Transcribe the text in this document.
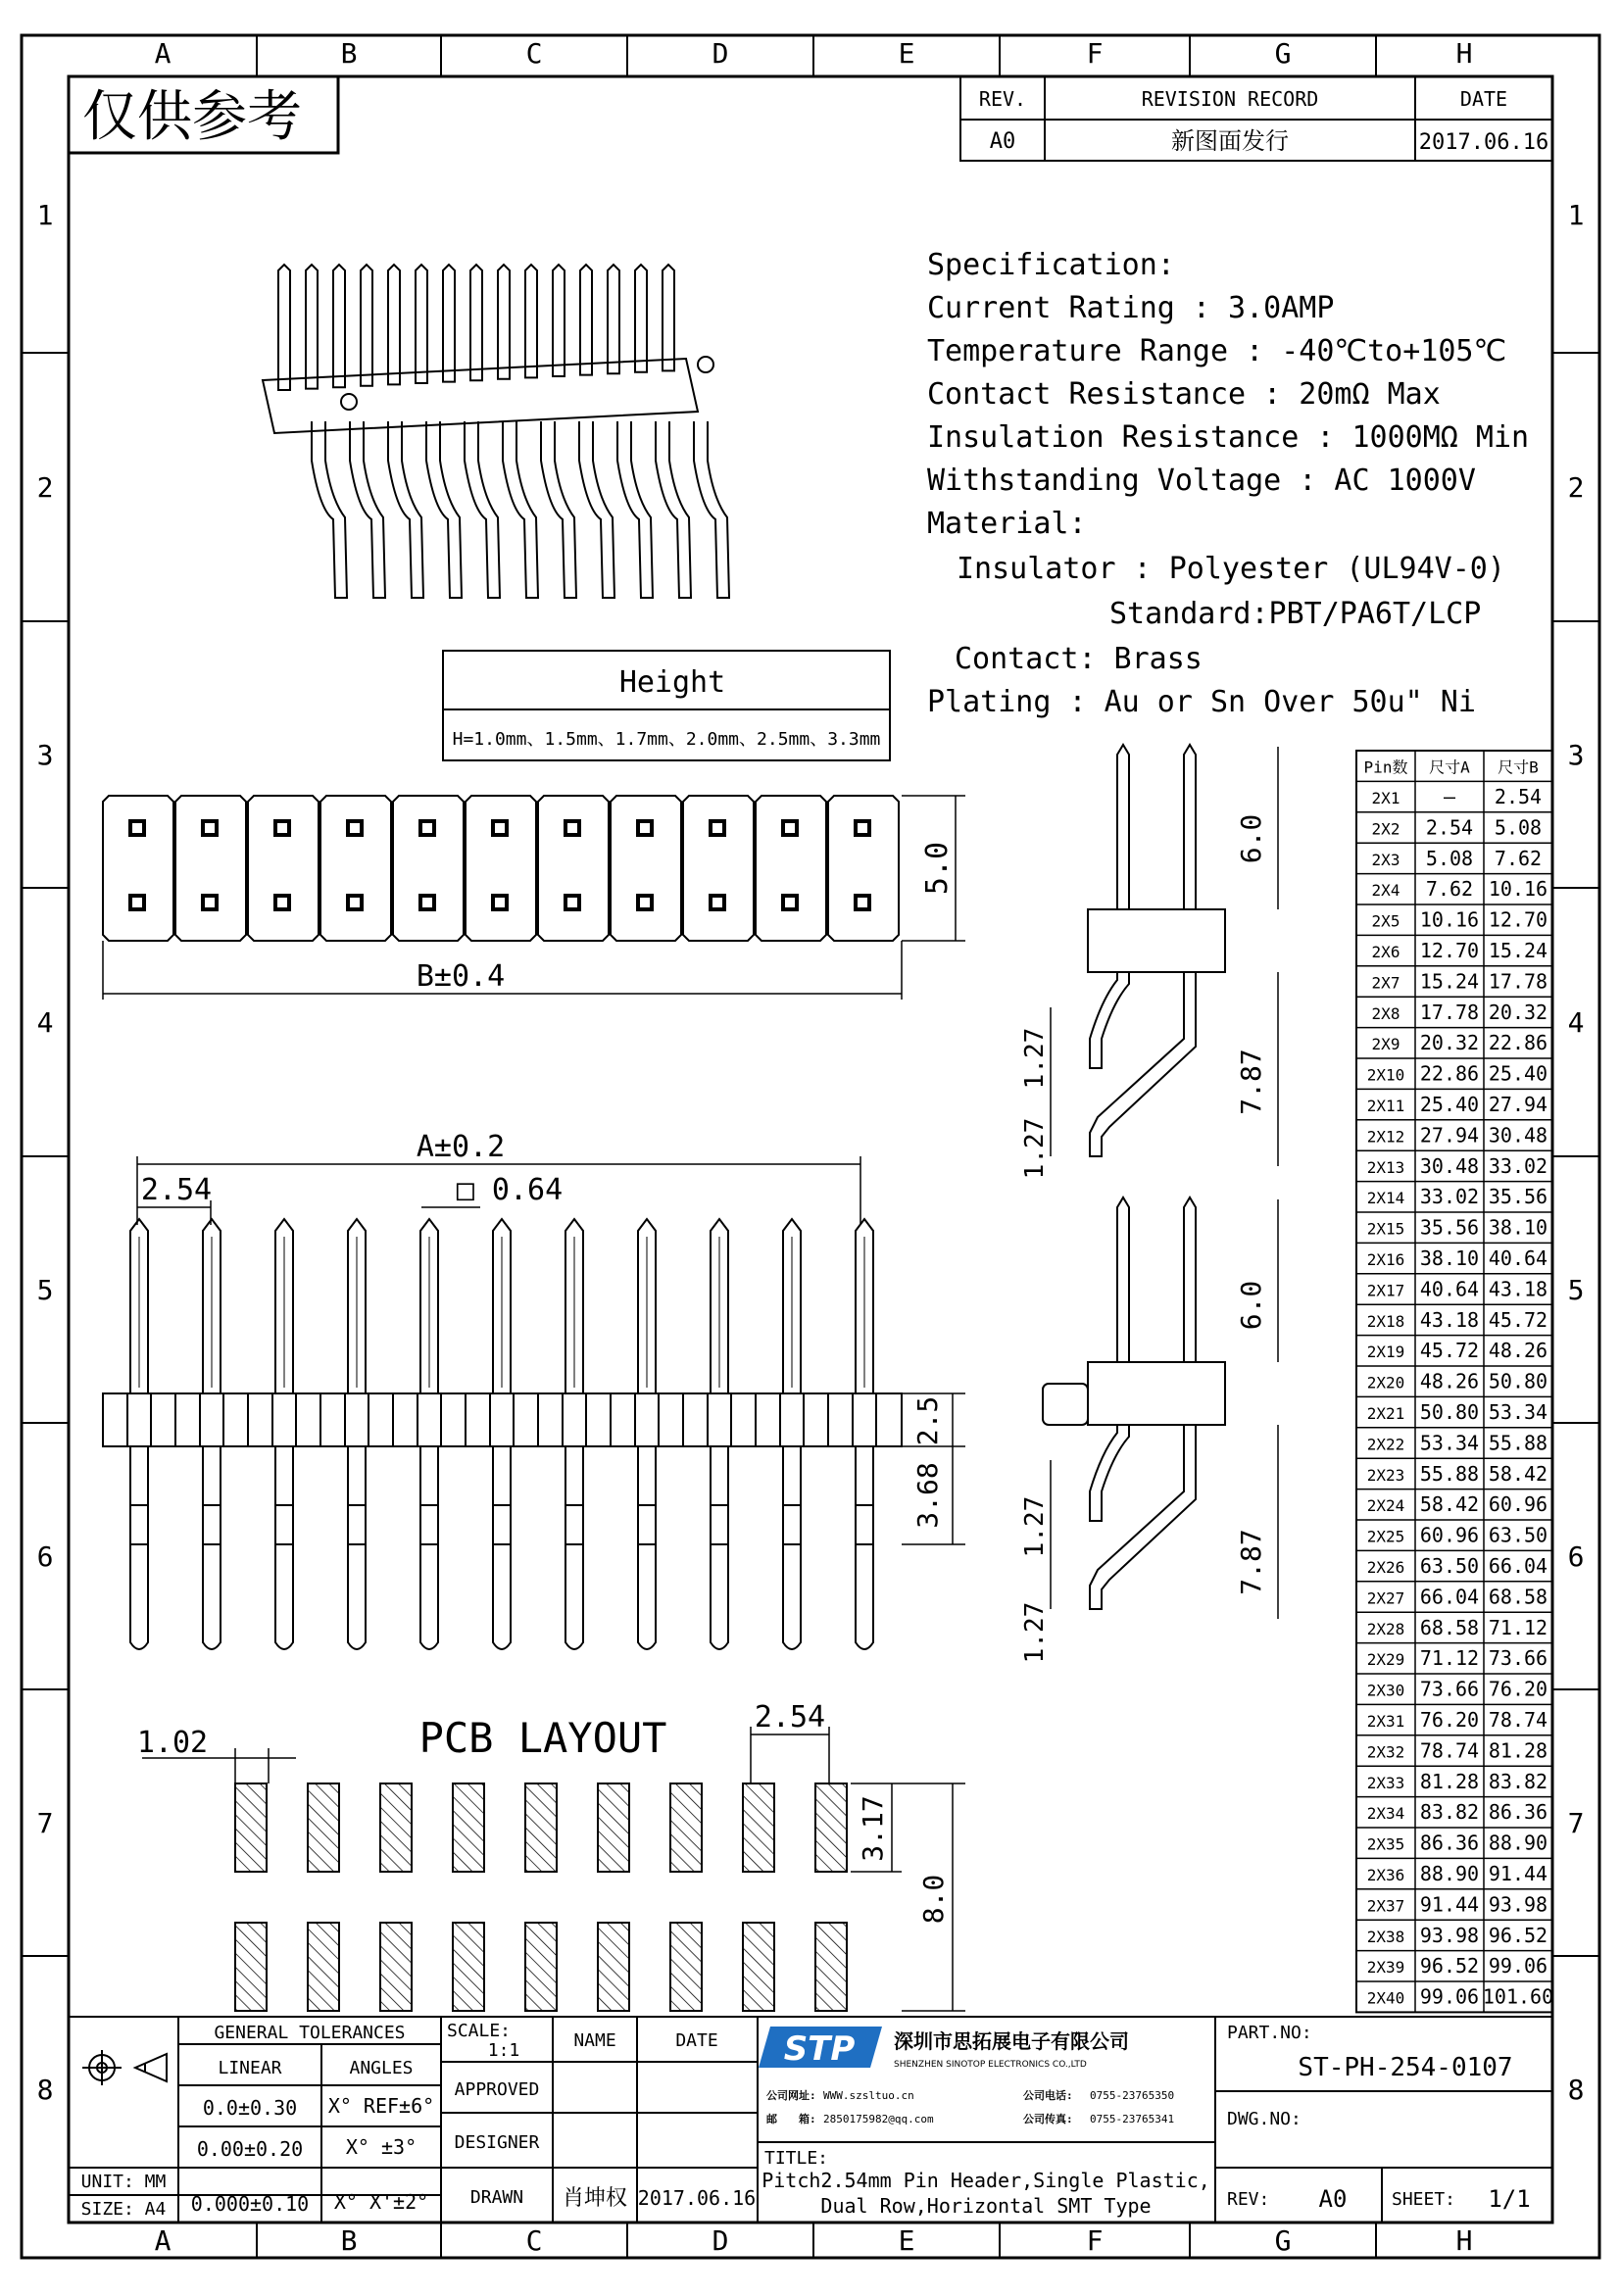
A
A
B
B
C
C
D
D
E
E
F
F
G
G
H
H
1	1
2	2
3	3
4	4
5	5
6	6
7	7
8	8
仅供参考	REV.	REVISION RECORD	DATE
A0	新图面发行	2017.06.16
Specification:
Current Rating : 3.0AMP
Temperature Range : -40℃to+105℃
Contact Resistance : 20mΩ Max
Insulation Resistance : 1000MΩ Min
Withstanding Voltage : AC 1000V
Material:
Insulator : Polyester (UL94V-0)
Standard:PBT/PA6T/LCP
Contact: Brass
Plating : Au or Sn Over 50u" Ni
Height
H=1.0mm、1.5mm、1.7mm、2.0mm、2.5mm、3.3mm
B±0.4
5.0
A±0.2
2.54	□ 0.64
2.5
3.68
6.0
1.27
1.27
7.87
6.0
1.27
1.27
7.87
PCB LAYOUT
1.02
2.54
3.17
8.0
Pin数 尺寸A 尺寸B
2X1 — 2.54
2X2 2.54 5.08
2X3 5.08 7.62
2X4 7.62 10.16
2X5 10.16 12.70
2X6 12.70 15.24
2X7 15.24 17.78
2X8 17.78 20.32
2X9 20.32 22.86
2X10 22.86 25.40
2X11 25.40 27.94
2X12 27.94 30.48
2X13 30.48 33.02
2X14 33.02 35.56
2X15 35.56 38.10
2X16 38.10 40.64
2X17 40.64 43.18
2X18 43.18 45.72
2X19 45.72 48.26
2X20 48.26 50.80
2X21 50.80 53.34
2X22 53.34 55.88
2X23 55.88 58.42
2X24 58.42 60.96
2X25 60.96 63.50
2X26 63.50 66.04
2X27 66.04 68.58
2X28 68.58 71.12
2X29 71.12 73.66
2X30 73.66 76.20
2X31 76.20 78.74
2X32 78.74 81.28
2X33 81.28 83.82
2X34 83.82 86.36
2X35 86.36 88.90
2X36 88.90 91.44
2X37 91.44 93.98
2X38 93.98 96.52
2X39 96.52 99.06
2X40 99.06 101.60
GENERAL TOLERANCES
LINEAR	ANGLES
0.0±0.30 X° REF±6°
0.00±0.20 X° ±3°
0.000±0.10 X° X'±2°
UNIT: MM
SIZE: A4
SCALE:
1:1	NAME	DATE
APPROVED
DESIGNER
DRAWN 肖坤权 2017.06.16
STP 深圳市思拓展电子有限公司
SHENZHEN SINOTOP ELECTRONICS CO.,LTD
公司网址: WWW.szsltuo.cn
邮　　箱: 2850175982@qq.com
公司电话: 0755-23765350
公司传真: 0755-23765341
TITLE:
Pitch2.54mm Pin Header,Single Plastic,
Dual Row,Horizontal SMT Type
PART.NO:
ST-PH-254-0107
DWG.NO:
REV: A0	SHEET: 1/1
